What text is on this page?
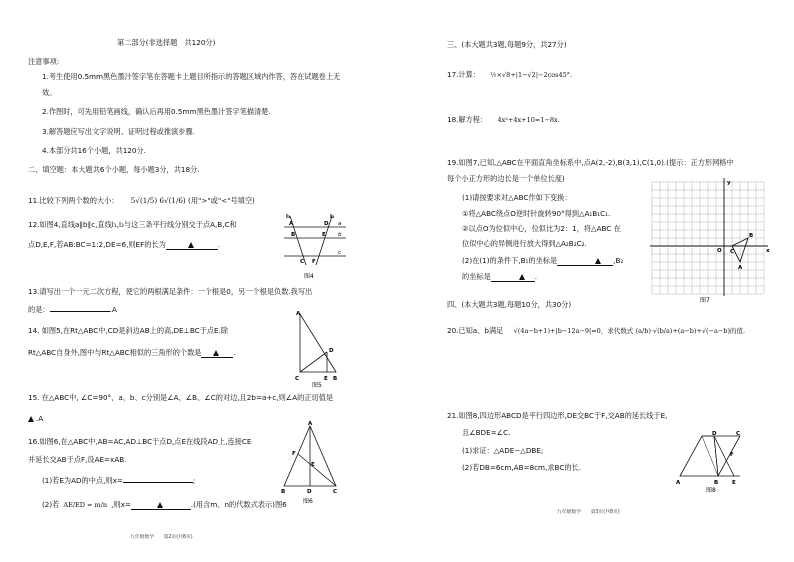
第二部分(非选择题　共120分)
注意事项:
1.考生使用0.5mm黑色墨汁签字笔在答题卡上题目所指示的答题区域内作答，答在试题卷上无
效。
2.作图时，可先用铅笔画线，确认后再用0.5mm黑色墨汁签字笔描清楚.
3.解答题应写出文字说明、证明过程或推演步骤.
4.本部分共16个小题，共120分.
二、填空题：本大题共6个小题，每小题3分，共18分.
11.比较下列两个数的大小： 5√(1/5) 6√(1/6) (用">"或"<"号填空)
12.如图4,直线a∥b∥c,直线l₁,l₂与这三条平行线分别交于点A,B,C和
点D,E,F,若AB:BC=1:2,DE=6,则EF的长为	.
l₁	l₂
a
b
c
A	D
B	E
C F
图4
13.请写出一个一元二次方程，使它的两根满足条件：一个根是0，另一个根是负数.我写出
的是：	.A
14. 如图5,在Rt△ABC中,CD是斜边AB上的高,DE⊥BC于点E.除
Rt△ABC自身外,图中与Rt△ABC相似的三角形的个数是	.
A
D
C	E B
图5
15. 在△ABC中, ∠C=90°，a、b、c分别是∠A、∠B、∠C的对边,且2b=a+c,则∠A的正切值是
.A
16.如图6,在△ABC中,AB=AC,AD⊥BC于点D,点E在线段AD上,连接CE
并延长交AB于点F,设AE=xAB.
(1)若E为AD的中点,则x=	;
(2)若 AE/ED = m/n ,则x=	.(用含m、n的代数式表示)图6
A
F
E
B	D	C
图6
九年级数学　　第2页(共8页)
三、(本大题共3题,每题9分，共27分)
17.计算： ½×√8+|1−√2|−2cos45°.
18.解方程： 4x²+4x+10=1−8x.
19.如图7,已知,△ABC在平面直角坐标系中,点A(2,-2),B(3,1),C(1,0).(提示：正方形网格中
每个小正方形的边长是一个单位长度)
(1)请按要求对△ABC作如下变换：
①将△ABC绕点O逆时针旋转90°得到△A₁B₁C₁.
②以点O为位似中心，位似比为2：1，将△ABC 在
位似中心的异侧进行放大得到△A₂B₂C₂.
(2)在(1)的条件下,B₁的坐标是	,B₂
的坐标是	.
y
x
O
A
B
C
图7
四、(本大题共3题,每题10分，共30分)
20.已知a、b满足 √(4a−b+1)+|b−12a−9|=0，求代数式 (a/b)·√(b/a)+(a−b)+√(−a−b)的值.
21.如图8,四边形ABCD是平行四边形,DE交BC于F,交AB的延长线于E,
且∠BDE=∠C.
(1)求证：△ADE∽△DBE;
(2)若DB=6cm,AB=8cm,求BC的长.
D	C
F
A	B	E
图8
九年级数学　　第3页(共8页)
